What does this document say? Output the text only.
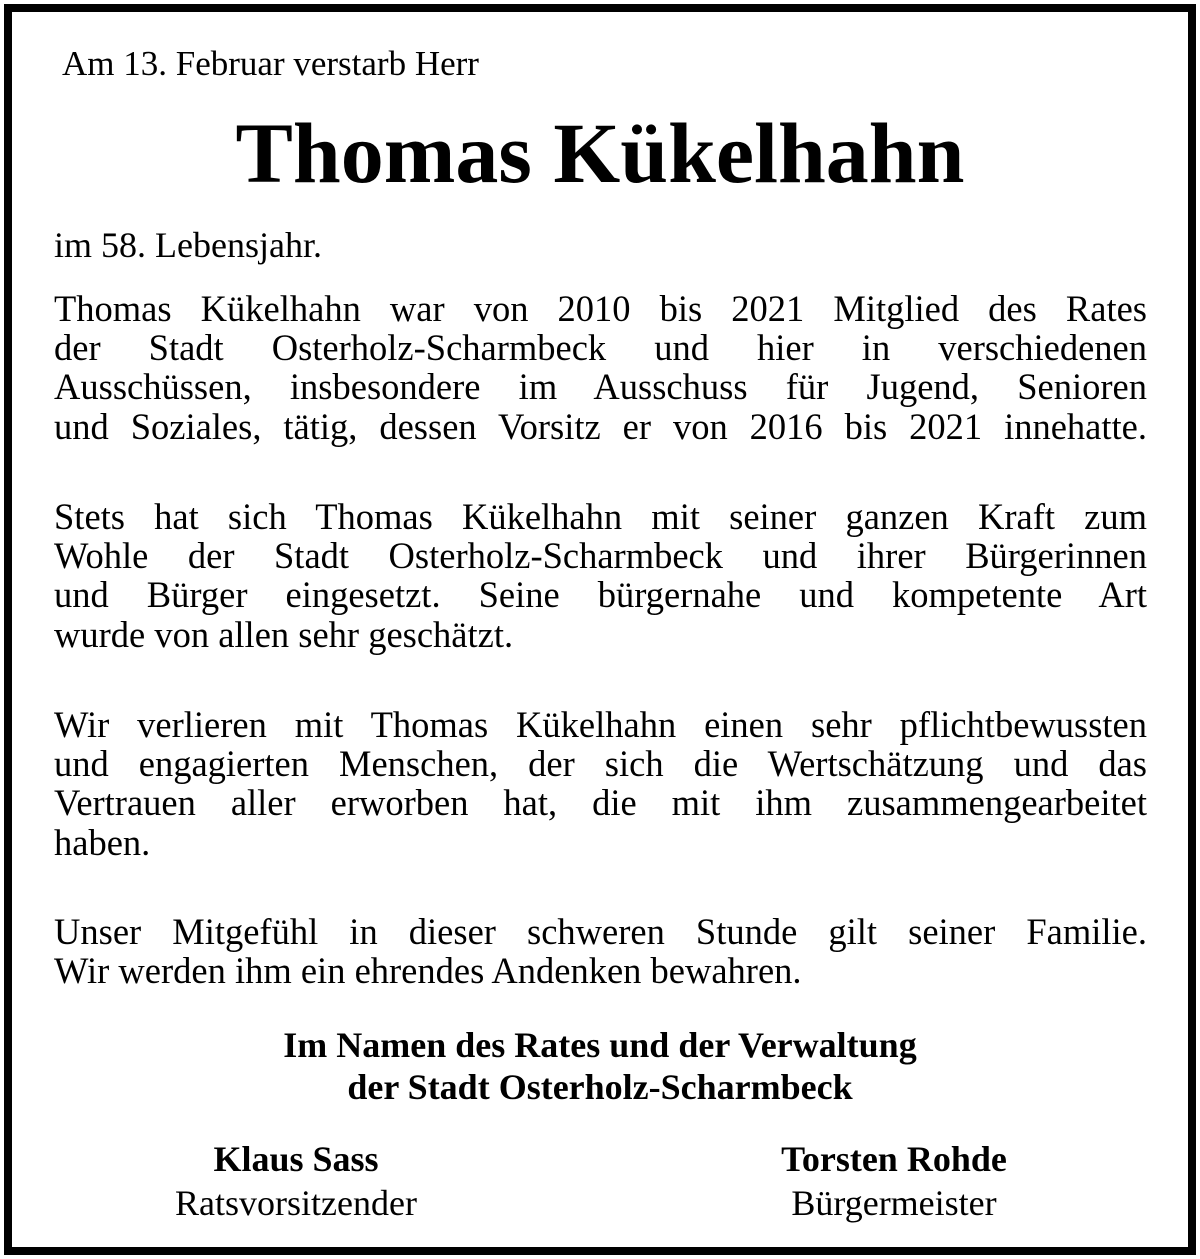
Am 13. Februar verstarb Herr
Thomas Kükelhahn
im 58. Lebensjahr.
Thomas Kükelhahn war von 2010 bis 2021 Mitglied des Rates
der Stadt Osterholz-Scharmbeck und hier in verschiedenen
Ausschüssen, insbesondere im Ausschuss für Jugend, Senioren
und Soziales, tätig, dessen Vorsitz er von 2016 bis 2021 innehatte.
Stets hat sich Thomas Kükelhahn mit seiner ganzen Kraft zum
Wohle der Stadt Osterholz-Scharmbeck und ihrer Bürgerinnen
und Bürger eingesetzt. Seine bürgernahe und kompetente Art
wurde von allen sehr geschätzt.
Wir verlieren mit Thomas Kükelhahn einen sehr pflichtbewussten
und engagierten Menschen, der sich die Wertschätzung und das
Vertrauen aller erworben hat, die mit ihm zusammengearbeitet
haben.
Unser Mitgefühl in dieser schweren Stunde gilt seiner Familie.
Wir werden ihm ein ehrendes Andenken bewahren.
Im Namen des Rates und der Verwaltung
der Stadt Osterholz-Scharmbeck
Klaus Sass
Ratsvorsitzender
Torsten Rohde
Bürgermeister
